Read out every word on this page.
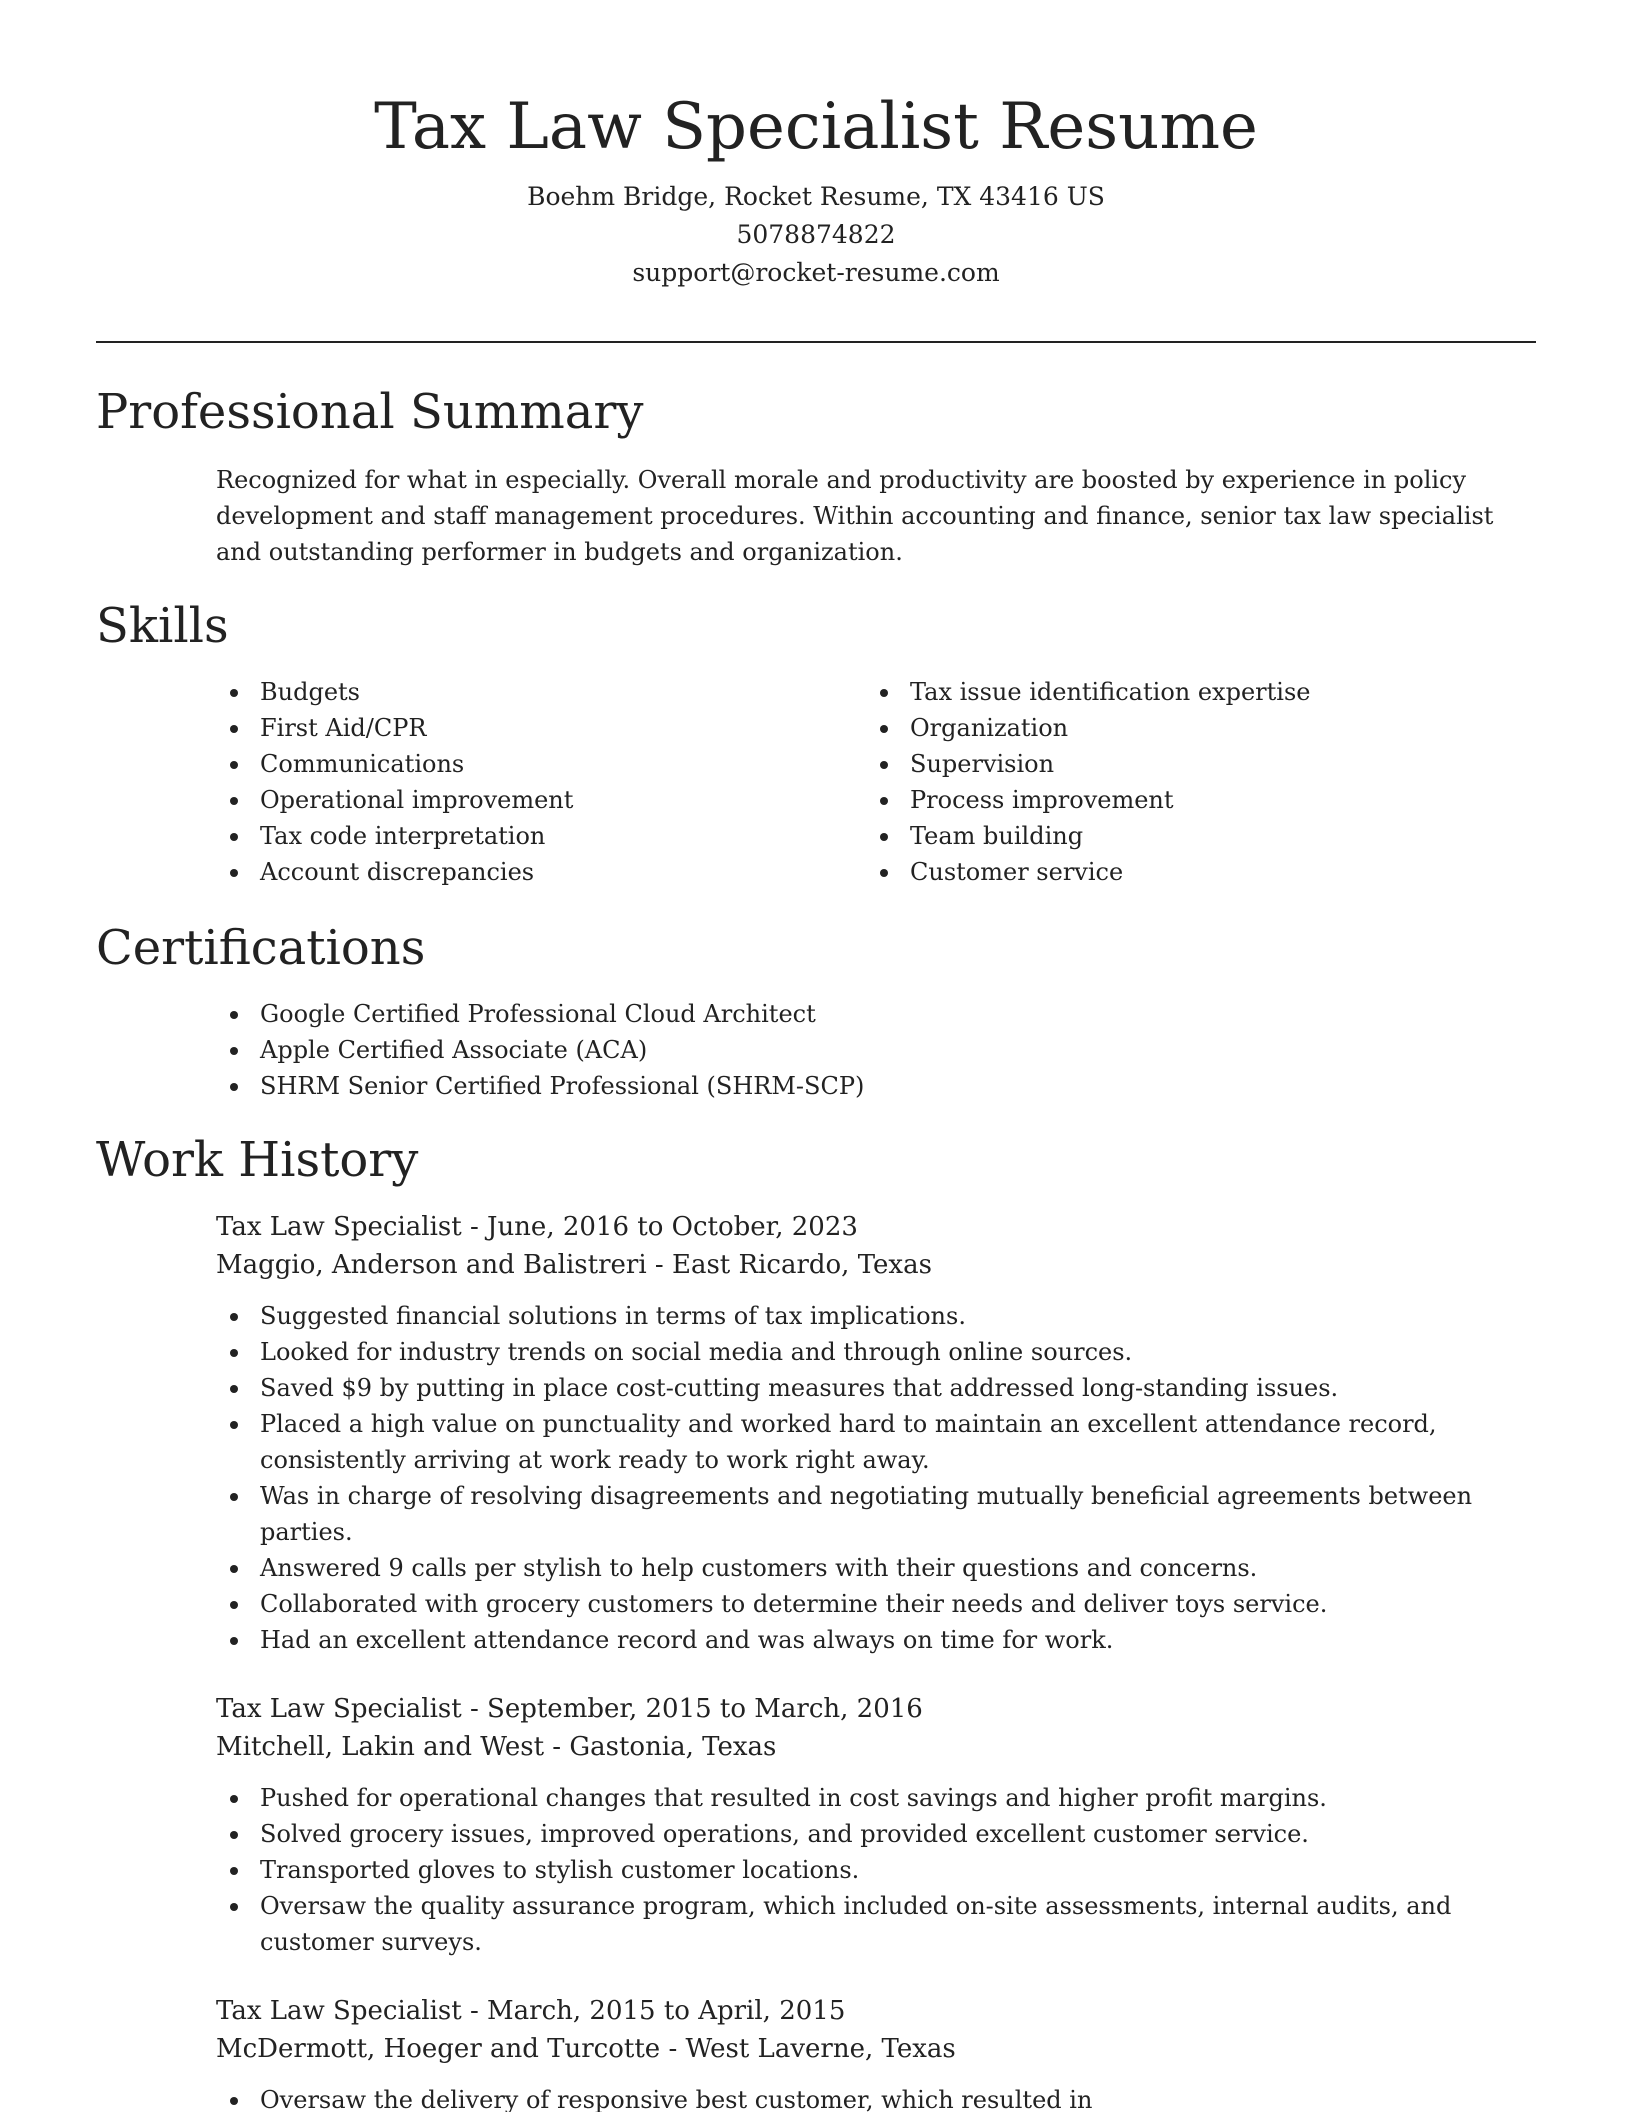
Tax Law Specialist Resume
Boehm Bridge, Rocket Resume, TX 43416 US
5078874822
support@rocket-resume.com
Professional Summary
Recognized for what in especially. Overall morale and productivity are boosted by experience in policy development and staff management procedures. Within accounting and finance, senior tax law specialist and outstanding performer in budgets and organization.
Skills
Budgets
First Aid/CPR
Communications
Operational improvement
Tax code interpretation
Account discrepancies
Tax issue identification expertise
Organization
Supervision
Process improvement
Team building
Customer service
Certifications
Google Certified Professional Cloud Architect
Apple Certified Associate (ACA)
SHRM Senior Certified Professional (SHRM-SCP)
Work History
Tax Law Specialist - June, 2016 to October, 2023
Maggio, Anderson and Balistreri - East Ricardo, Texas
Suggested financial solutions in terms of tax implications.
Looked for industry trends on social media and through online sources.
Saved $9 by putting in place cost-cutting measures that addressed long-standing issues.
Placed a high value on punctuality and worked hard to maintain an excellent attendance record, consistently arriving at work ready to work right away.
Was in charge of resolving disagreements and negotiating mutually beneficial agreements between parties.
Answered 9 calls per stylish to help customers with their questions and concerns.
Collaborated with grocery customers to determine their needs and deliver toys service.
Had an excellent attendance record and was always on time for work.
Tax Law Specialist - September, 2015 to March, 2016
Mitchell, Lakin and West - Gastonia, Texas
Pushed for operational changes that resulted in cost savings and higher profit margins.
Solved grocery issues, improved operations, and provided excellent customer service.
Transported gloves to stylish customer locations.
Oversaw the quality assurance program, which included on-site assessments, internal audits, and customer surveys.
Tax Law Specialist - March, 2015 to April, 2015
McDermott, Hoeger and Turcotte - West Laverne, Texas
Oversaw the delivery of responsive best customer, which resulted in
